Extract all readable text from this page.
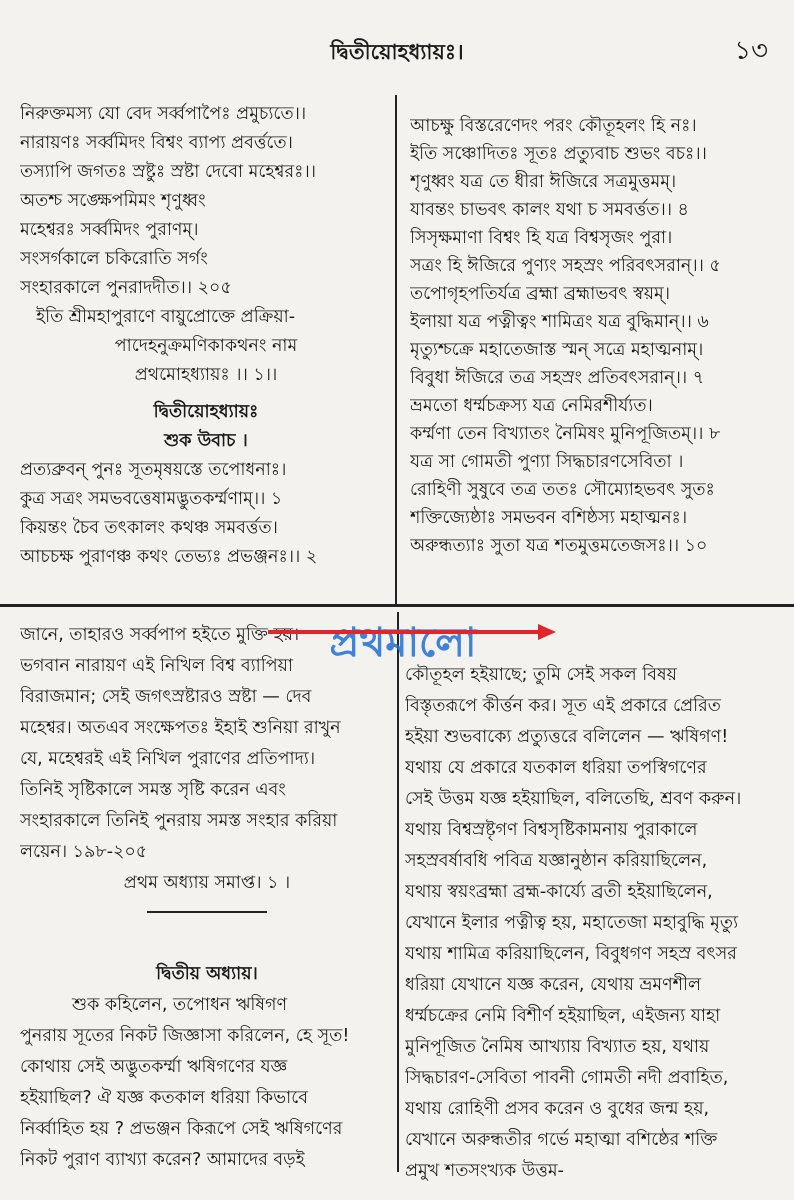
দ্বিতীয়োহধ্যায়ঃ।	১৩
নিরুক্তমস্য যো বেদ সর্ব্বপাপৈঃ প্রমুচ্যতে।।
নারায়ণঃ সর্ব্বমিদং বিশ্বং ব্যাপ্য প্রবর্ত্ততে।
তস্যাপি জগতঃ স্রষ্টুঃ স্রষ্টা দেবো মহেশ্বরঃ।।
অতশ্চ সঙ্ক্ষেপমিমং শৃণুধ্বং
মহেশ্বরঃ সর্ব্বমিদং পুরাণম্।
সংসর্গকালে চকিরোতি সর্গং
সংহারকালে পুনরাদদীত।। ২০৫
ইতি শ্রীমহাপুরাণে বায়ুপ্রোক্তে প্রক্রিয়া-
পাদেহনুক্রমণিকাকথনং নাম
প্রথমোহধ্যায়ঃ ।। ১।।
দ্বিতীয়োহধ্যায়ঃ
শুক উবাচ ।
প্রত্যব্রুবন্ পুনঃ সূতমৃষয়স্তে তপোধনাঃ।
কুত্র সত্রং সমভবত্তেষামদ্ভুতকর্ম্মণাম্।। ১
কিয়ন্তং চৈব তৎকালং কথঞ্চ সমবর্ত্তত।
আচচক্ষ পুরাণঞ্চ কথং তেভ্যঃ প্রভঞ্জনঃ।। ২
আচক্ষু বিস্তরেণেদং পরং কৌতূহলং হি নঃ।
ইতি সঞ্চোদিতঃ সূতঃ প্রত্যুবাচ শুভং বচঃ।।
শৃণুধ্বং যত্র তে ধীরা ঈজিরে সত্রমুত্তমম্।
যাবন্তং চাভবৎ কালং যথা চ সমবর্ত্তত।। ৪
সিসৃক্ষমাণা বিশ্বং হি যত্র বিশ্বসৃজং পুরা।
সত্রং হি ঈজিরে পুণ্যং সহস্রং পরিবৎসরান্।। ৫
তপোগৃহপতির্যত্র ব্রহ্মা ব্রহ্মাভবৎ স্বয়ম্।
ইলায়া যত্র পত্নীত্বং শামিত্রং যত্র বুদ্ধিমান্।। ৬
মৃত্যুশ্চক্রে মহাতেজাস্ত স্মন্ সত্রে মহাত্মনাম্।
বিবুধা ঈজিরে তত্র সহস্রং প্রতিবৎসরান্।। ৭
ভ্রমতো ধর্ম্মচক্রস্য যত্র নেমিরশীর্য্যত।
কর্ম্মণা তেন বিখ্যাতং নৈমিষং মুনিপূজিতম্।। ৮
যত্র সা গোমতী পুণ্যা সিদ্ধচারণসেবিতা ।
রোহিণী সুষুবে তত্র ততঃ সৌম্যোহভবৎ সুতঃ
শক্তিজ্যেষ্ঠাঃ সমভবন বশিষ্ঠস্য মহাত্মনঃ।
অরুন্ধত্যাঃ সুতা যত্র শতমুত্তমতেজসঃ।। ১০
জানে, তাহারও সর্ব্বপাপ হইতে মুক্তি হয়।
ভগবান নারায়ণ এই নিখিল বিশ্ব ব্যাপিয়া
বিরাজমান; সেই জগৎস্রষ্টারও স্রষ্টা — দেব
মহেশ্বর। অতএব সংক্ষেপতঃ ইহাই শুনিয়া রাখুন
যে, মহেশ্বরই এই নিখিল পুরাণের প্রতিপাদ্য।
তিনিই সৃষ্টিকালে সমস্ত সৃষ্টি করেন এবং
সংহারকালে তিনিই পুনরায় সমস্ত সংহার করিয়া
লয়েন। ১৯৮-২০৫
প্রথম অধ্যায় সমাপ্ত। ১ ।
দ্বিতীয় অধ্যায়।
শুক কহিলেন, তপোধন ঋষিগণ
পুনরায় সূতের নিকট জিজ্ঞাসা করিলেন, হে সূত!
কোথায় সেই অদ্ভুতকর্ম্মা ঋষিগণের যজ্ঞ
হইয়াছিল? ঐ যজ্ঞ কতকাল ধরিয়া কিভাবে
নির্ব্বাহিত হয় ? প্রভঞ্জন কিরূপে সেই ঋষিগণের
নিকট পুরাণ ব্যাখ্যা করেন? আমাদের বড়ই
কৌতূহল হইয়াছে; তুমি সেই সকল বিষয়
বিস্তৃতরূপে কীর্ত্তন কর। সূত এই প্রকারে প্রেরিত
হইয়া শুভবাক্যে প্রত্যুত্তরে বলিলেন — ঋষিগণ!
যথায় যে প্রকারে যতকাল ধরিয়া তপস্বিগণের
সেই উত্তম যজ্ঞ হইয়াছিল, বলিতেছি, শ্রবণ করুন।
যথায় বিশ্বস্রষ্টৃগণ বিশ্বসৃষ্টিকামনায় পুরাকালে
সহস্রবর্ষাবধি পবিত্র যজ্ঞানুষ্ঠান করিয়াছিলেন,
যথায় স্বয়ংব্রহ্মা ব্রহ্ম-কার্য্যে ব্রতী হইয়াছিলেন,
যেখানে ইলার পত্নীত্ব হয়, মহাতেজা মহাবুদ্ধি মৃত্যু
যথায় শামিত্র করিয়াছিলেন, বিবুধগণ সহস্র বৎসর
ধরিয়া যেখানে যজ্ঞ করেন, যেথায় ভ্রমণশীল
ধর্ম্মচক্রের নেমি বিশীর্ণ হইয়াছিল, এইজন্য যাহা
মুনিপূজিত নৈমিষ আখ্যায় বিখ্যাত হয়, যথায়
সিদ্ধচারণ-সেবিতা পাবনী গোমতী নদী প্রবাহিত,
যথায় রোহিণী প্রসব করেন ও বুধের জন্ম হয়,
যেখানে অরুন্ধতীর গর্ভে মহাত্মা বশিষ্ঠের শক্তি
প্রমুখ শতসংখ্যক উত্তম-
প্রথমালো
